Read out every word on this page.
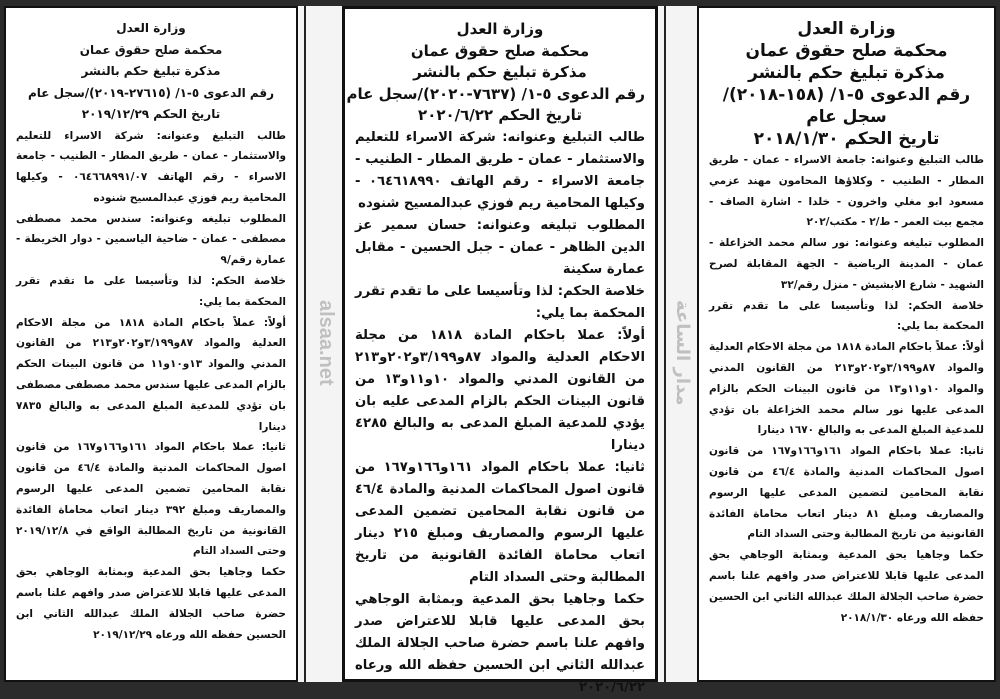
وزارة العدل
محكمة صلح حقوق عمان
مذكرة تبليغ حكم بالنشر
رقم الدعوى ٥-١/ (٢٧٦١٥-٢٠١٩)/سجل عام
تاريخ الحكم ٢٠١٩/١٢/٢٩

طالب التبليغ وعنوانه: شركة الاسراء للتعليم والاستثمار - عمان - طريق المطار - الطنيب - جامعة الاسراء - رقم الهاتف ٠٦٤٦٦٨٩٩١/٠٧ - وكيلها المحامية ريم فوزي عبدالمسيح شنوده

المطلوب تبليغه وعنوانه: سندس محمد مصطفى مصطفى - عمان - ضاحية الياسمين - دوار الخريطة - عمارة رقم/٩

خلاصة الحكم: لذا وتأسيسا على ما تقدم تقرر المحكمة بما يلي:

أولاً: عملاً باحكام المادة ١٨١٨ من مجلة الاحكام العدلية والمواد ٨٧و٣/١٩٩و٢٠٢و٢١٣ من القانون المدني والمواد ١٣و١٠و١١ من قانون البينات الحكم بالزام المدعى عليها سندس محمد مصطفى مصطفى بان تؤدي للمدعية المبلغ المدعى به والبالغ ٧٨٣٥ دينارا

ثانيا: عملا باحكام المواد ١٦١و١٦٦و١٦٧ من قانون اصول المحاكمات المدنية والمادة ٤٦/٤ من قانون نقابة المحامين تضمين المدعى عليها الرسوم والمصاريف ومبلغ ٣٩٢ دينار اتعاب محاماة الفائدة القانونية من تاريخ المطالبة الواقع في ٢٠١٩/١٢/٨ وحتى السداد التام

حكما وجاهيا بحق المدعية وبمثابة الوجاهي بحق المدعى عليها قابلا للاعتراض صدر وافهم علنا باسم حضرة صاحب الجلالة الملك عبدالله الثاني ابن الحسين حفظه الله ورعاه ٢٠١٩/١٢/٢٩

وزارة العدل
محكمة صلح حقوق عمان
مذكرة تبليغ حكم بالنشر
رقم الدعوى ٥-١/ (٧٦٣٧-٢٠٢٠)/سجل عام
تاريخ الحكم ٢٠٢٠/٦/٢٢

طالب التبليغ وعنوانه: شركة الاسراء للتعليم والاستثمار - عمان - طريق المطار - الطنيب - جامعة الاسراء - رقم الهاتف ٠٦٤٦١٨٩٩٠ - وكيلها المحامية ريم فوزي عبدالمسيح شنوده

المطلوب تبليغه وعنوانه: حسان سمير عز الدين الظاهر - عمان - جبل الحسين - مقابل عمارة سكينة

خلاصة الحكم: لذا وتأسيسا على ما تقدم تقرر المحكمة بما يلي:

أولاً: عملا باحكام المادة ١٨١٨ من مجلة الاحكام العدلية والمواد ٨٧و٣/١٩٩و٢٠٢و٢١٣ من القانون المدني والمواد ١٠و١١و١٣ من قانون البينات الحكم بالزام المدعى عليه بان يؤدي للمدعية المبلغ المدعى به والبالغ ٤٢٨٥ دينارا

ثانيا: عملا باحكام المواد ١٦١و١٦٦و١٦٧ من قانون اصول المحاكمات المدنية والمادة ٤٦/٤ من قانون نقابة المحامين تضمين المدعى عليها الرسوم والمصاريف ومبلغ ٢١٥ دينار اتعاب محاماة الفائدة القانونية من تاريخ المطالبة وحتى السداد التام

حكما وجاهيا بحق المدعية وبمثابة الوجاهي بحق المدعى عليها قابلا للاعتراض صدر وافهم علنا باسم حضرة صاحب الجلالة الملك عبدالله الثاني ابن الحسين حفظه الله ورعاه ٢٠٢٠/٦/٢٢

وزارة العدل
محكمة صلح حقوق عمان
مذكرة تبليغ حكم بالنشر
رقم الدعوى ٥-١/ (١٥٨-٢٠١٨)/
سجل عام
تاريخ الحكم ٢٠١٨/١/٣٠

طالب التبليغ وعنوانه: جامعة الاسراء - عمان - طريق المطار - الطنيب - وكلاؤها المحامون مهند عزمي مسعود ابو مغلي واخرون - خلدا - اشارة الصاف - مجمع بيت العمر - ط/٢ - مكتب/٢٠٢

المطلوب تبليغه وعنوانه: نور سالم محمد الخزاعلة - عمان - المدينة الرياضية - الجهة المقابلة لصرح الشهيد - شارع الابشيش - منزل رقم/٣٢

خلاصة الحكم: لذا وتأسيسا على ما تقدم تقرر المحكمة بما يلي:

أولاً: عملاً باحكام المادة ١٨١٨ من مجلة الاحكام العدلية والمواد ٨٧و٣/١٩٩و٢٠٢و٢١٣ من القانون المدني والمواد ١٠و١١و١٣ من قانون البينات الحكم بالزام المدعى عليها نور سالم محمد الخزاعلة بان تؤدي للمدعية المبلغ المدعى به والبالغ ١٦٧٠ دينارا

ثانيا: عملا باحكام المواد ١٦١و١٦٦و١٦٧ من قانون اصول المحاكمات المدنية والمادة ٤٦/٤ من قانون نقابة المحامين لتضمين المدعى عليها الرسوم والمصاريف ومبلغ ٨١ دينار اتعاب محاماة الفائدة القانونية من تاريخ المطالبة وحتى السداد التام

حكما وجاهيا بحق المدعية وبمثابة الوجاهي بحق المدعى عليها قابلا للاعتراض صدر وافهم علنا باسم حضرة صاحب الجلالة الملك عبدالله الثاني ابن الحسين حفظه الله ورعاه ٢٠١٨/١/٣٠

alsaa.net	مدار الساعة
